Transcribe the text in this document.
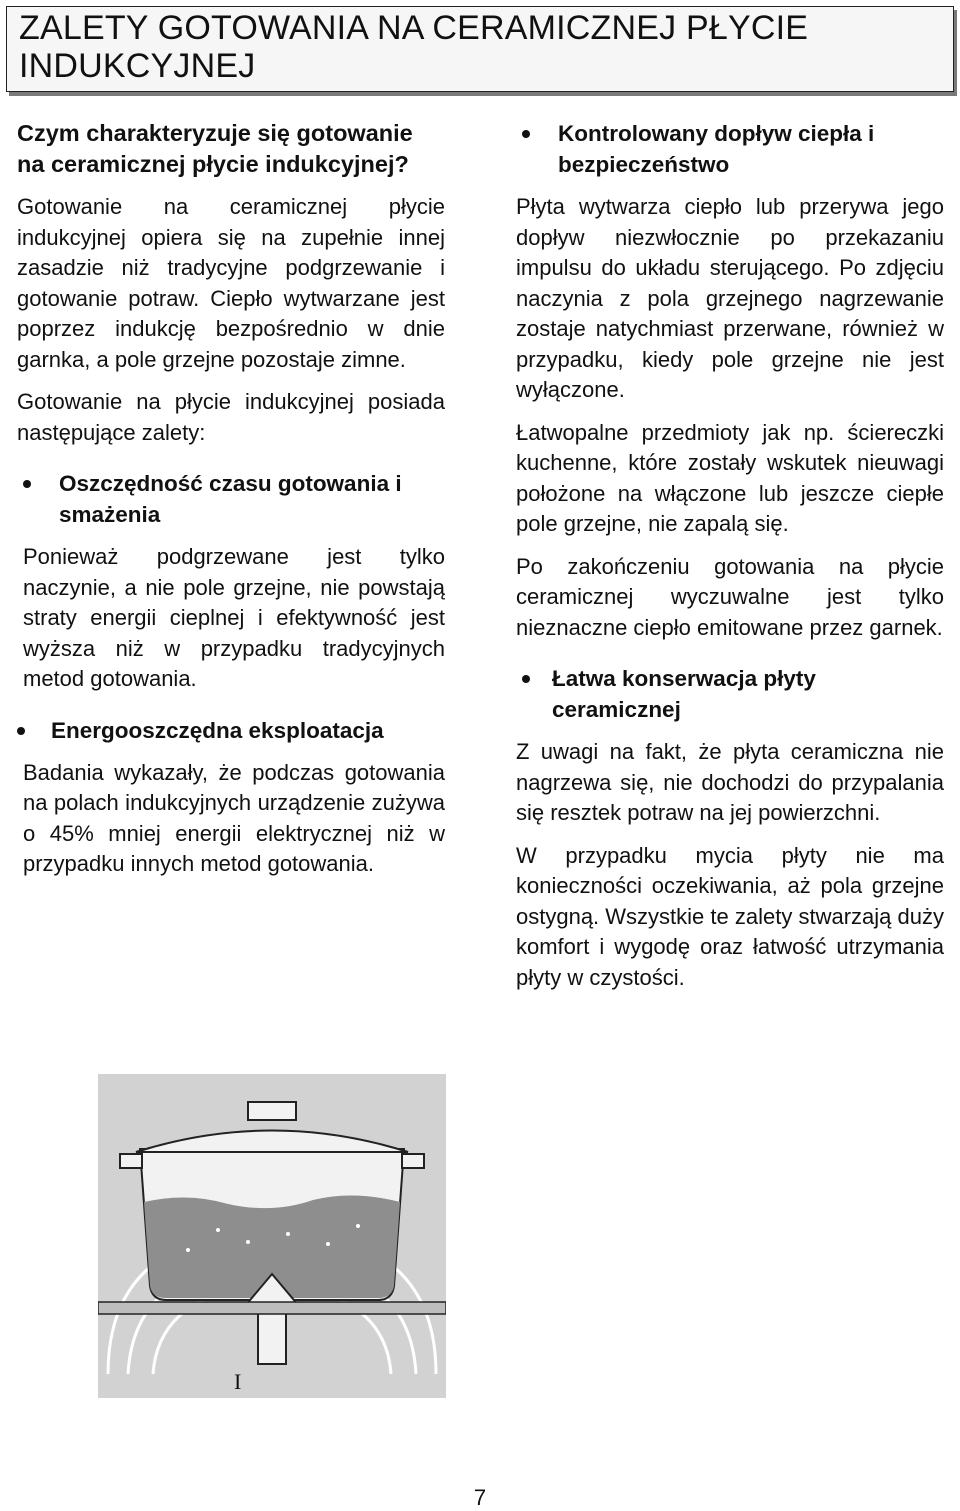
ZALETY GOTOWANIA NA CERAMICZNEJ PŁYCIE INDUKCYJNEJ
Czym charakteryzuje się gotowanie na ceramicznej płycie indukcyjnej?

Gotowanie na ceramicznej płycie indukcyjnej opiera się na zupełnie innej zasadzie niż tradycyjne podgrzewanie i gotowanie potraw. Ciepło wytwarzane jest poprzez indukcję bezpośrednio w dnie garnka, a pole grzejne pozostaje zimne.

Gotowanie na płycie indukcyjnej posiada następujące zalety:

Oszczędność czasu gotowania i smażenia

Ponieważ podgrzewane jest tylko naczynie, a nie pole grzejne, nie powstają straty energii cieplnej i efektywność jest wyższa niż w przypadku tradycyjnych metod gotowania.

Energooszczędna eksploatacja

Badania wykazały, że podczas gotowania na polach indukcyjnych urządzenie zużywa o 45% mniej energii elektrycznej niż w przypadku innych metod gotowania.

Kontrolowany dopływ ciepła i bezpieczeństwo

Płyta wytwarza ciepło lub przerywa jego dopływ niezwłocznie po przekazaniu impulsu do układu sterującego. Po zdjęciu naczynia z pola grzejnego nagrzewanie zostaje natychmiast przerwane, również w przypadku, kiedy pole grzejne nie jest wyłączone.

Łatwopalne przedmioty jak np. ściereczki kuchenne, które zostały wskutek nieuwagi położone na włączone lub jeszcze ciepłe pole grzejne, nie zapalą się.

Po zakończeniu gotowania na płycie ceramicznej wyczuwalne jest tylko nieznaczne ciepło emitowane przez garnek.

Łatwa konserwacja płyty ceramicznej

Z uwagi na fakt, że płyta ceramiczna nie nagrzewa się, nie dochodzi do przypalania się resztek potraw na jej powierzchni.

W przypadku mycia płyty nie ma konieczności oczekiwania, aż pola grzejne ostygną. Wszystkie te zalety stwarzają duży komfort i wygodę oraz łatwość utrzymania płyty w czystości.

I
7
